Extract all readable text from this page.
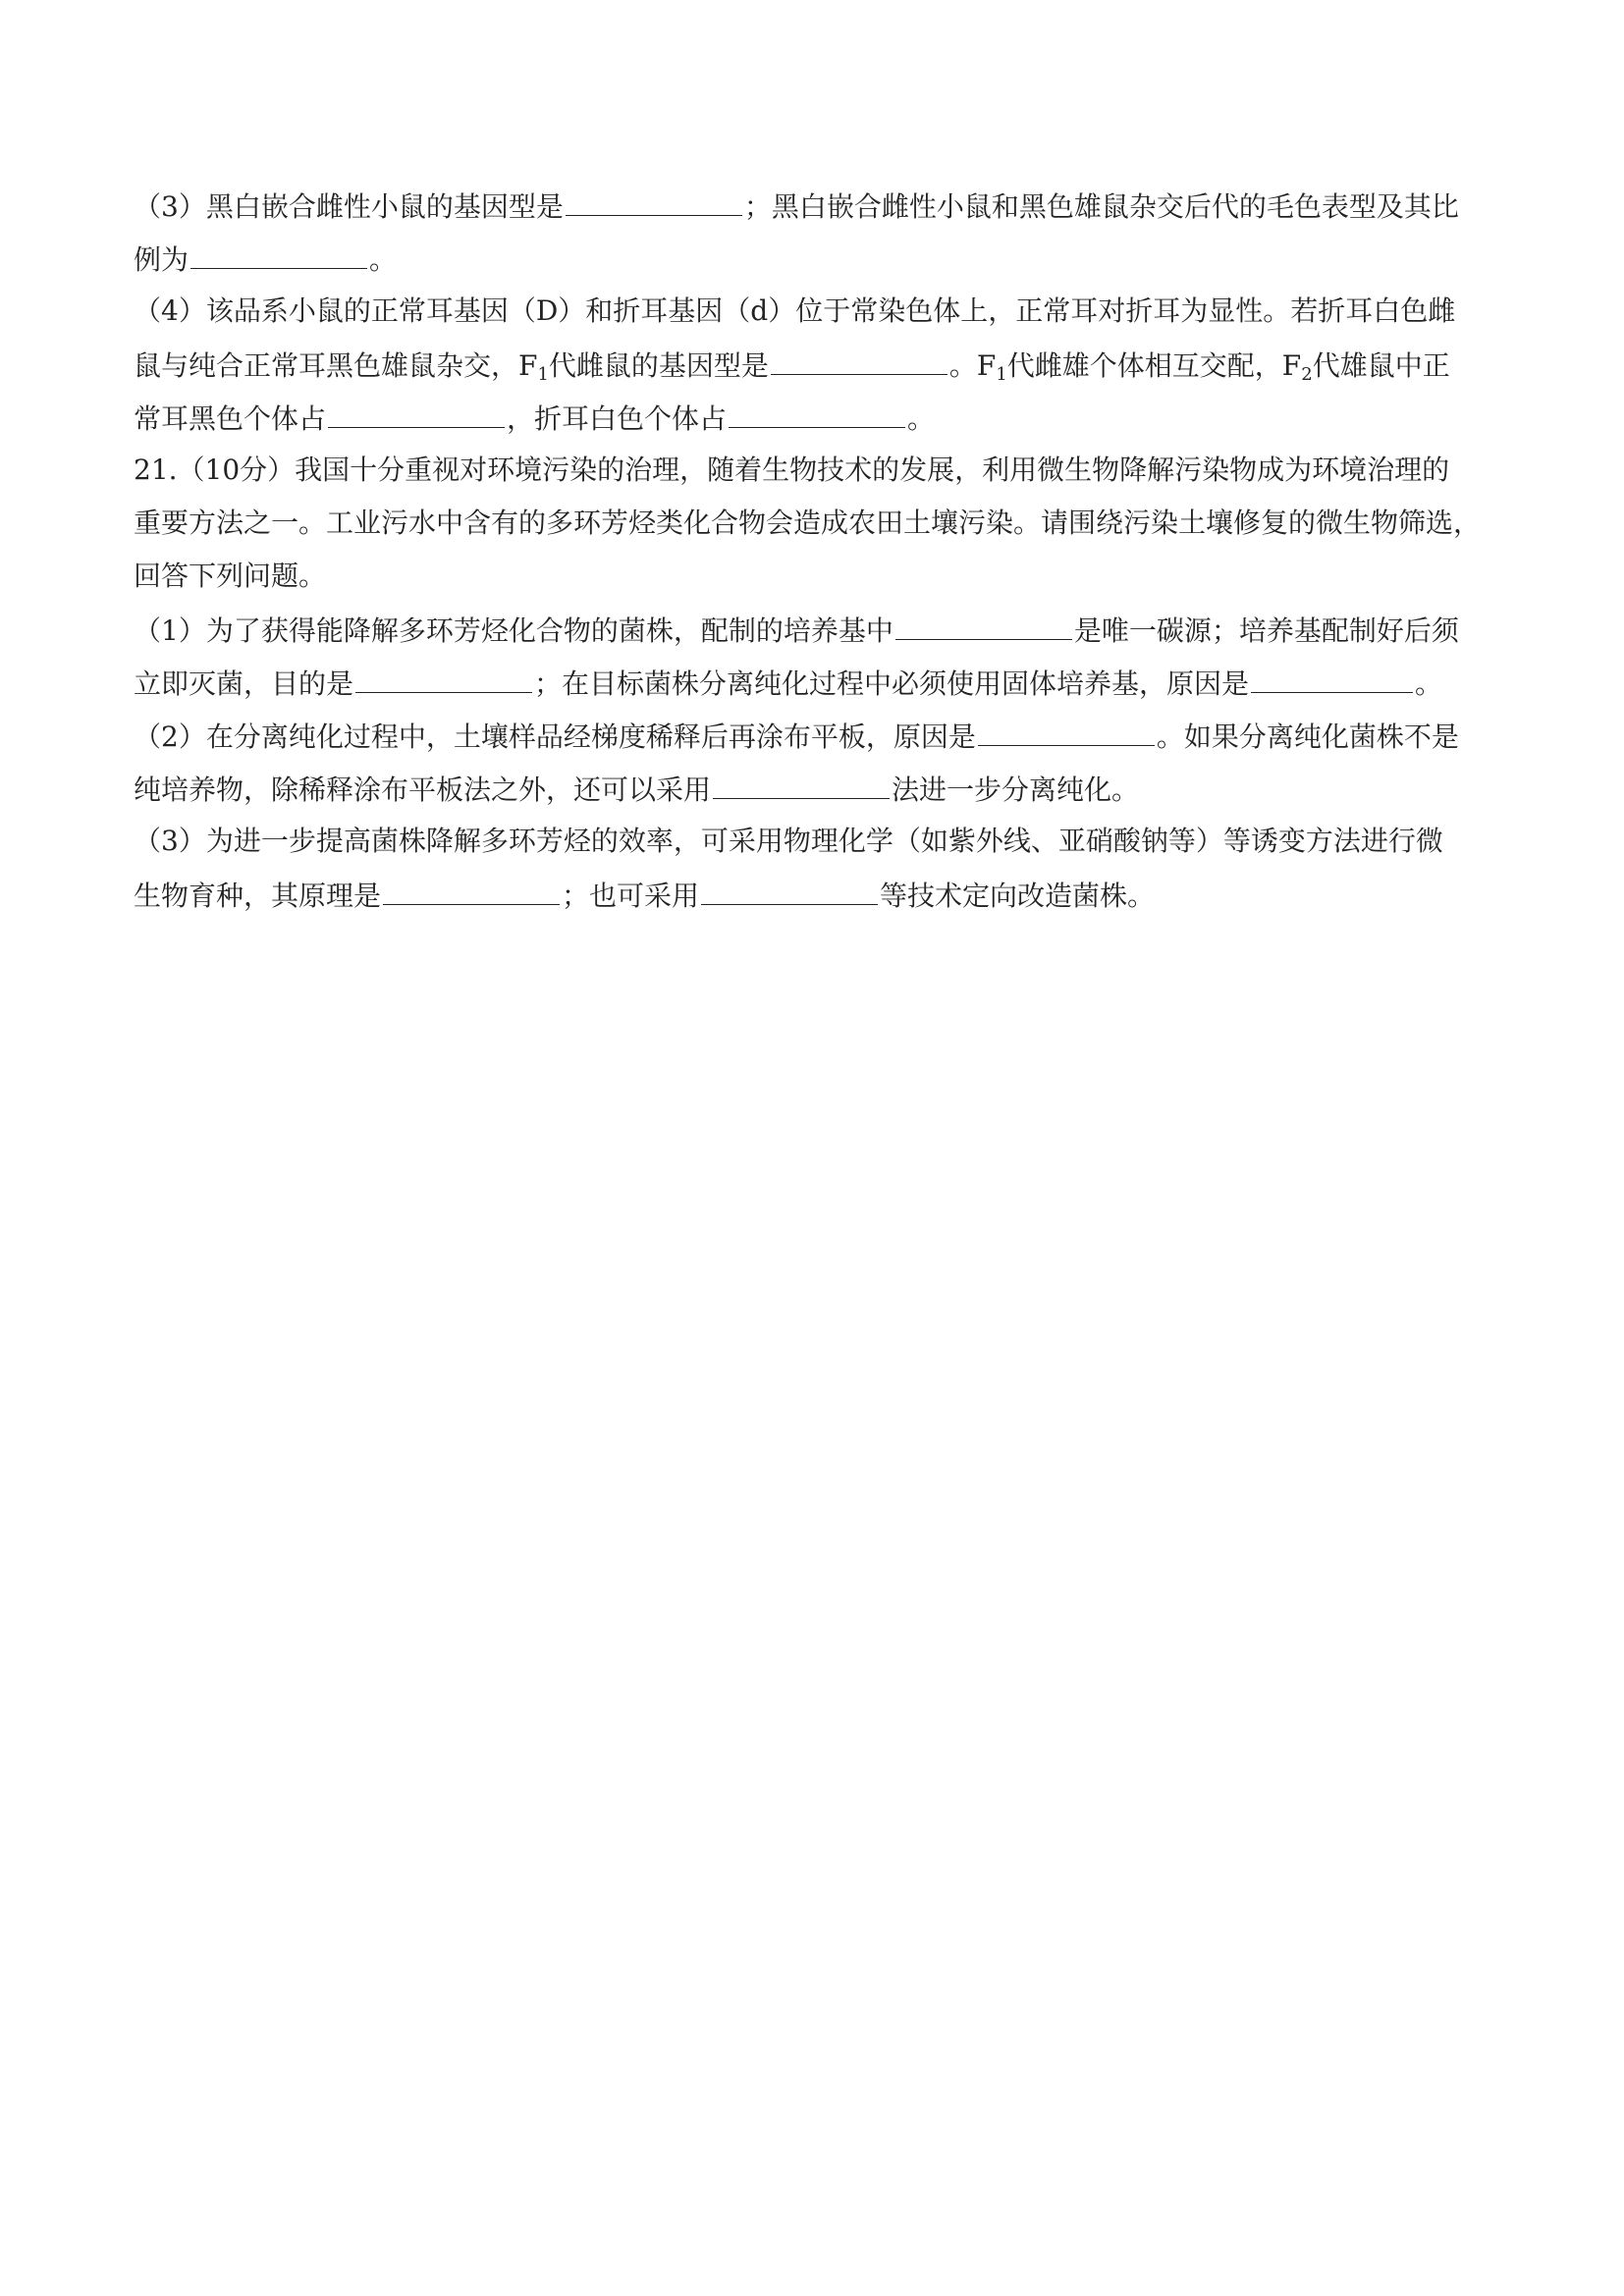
（3）黑白嵌合雌性小鼠的基因型是	；黑白嵌合雌性小鼠和黑色雄鼠杂交后代的毛色表型及其比
例为	。
（4）该品系小鼠的正常耳基因（D）和折耳基因（d）位于常染色体上，正常耳对折耳为显性。若折耳白色雌
鼠与纯合正常耳黑色雄鼠杂交，$F_1$代雌鼠的基因型是	。$F_1$代雌雄个体相互交配，$F_2$代雄鼠中正
常耳黑色个体占	，折耳白色个体占	。
21.（10分）我国十分重视对环境污染的治理，随着生物技术的发展，利用微生物降解污染物成为环境治理的
重要方法之一。工业污水中含有的多环芳烃类化合物会造成农田土壤污染。请围绕污染土壤修复的微生物筛选，
回答下列问题。
（1）为了获得能降解多环芳烃化合物的菌株，配制的培养基中	是唯一碳源；培养基配制好后须
立即灭菌，目的是	；在目标菌株分离纯化过程中必须使用固体培养基，原因是	。
（2）在分离纯化过程中，土壤样品经梯度稀释后再涂布平板，原因是	。如果分离纯化菌株不是
纯培养物，除稀释涂布平板法之外，还可以采用	法进一步分离纯化。
（3）为进一步提高菌株降解多环芳烃的效率，可采用物理化学（如紫外线、亚硝酸钠等）等诱变方法进行微
生物育种，其原理是	；也可采用	等技术定向改造菌株。
